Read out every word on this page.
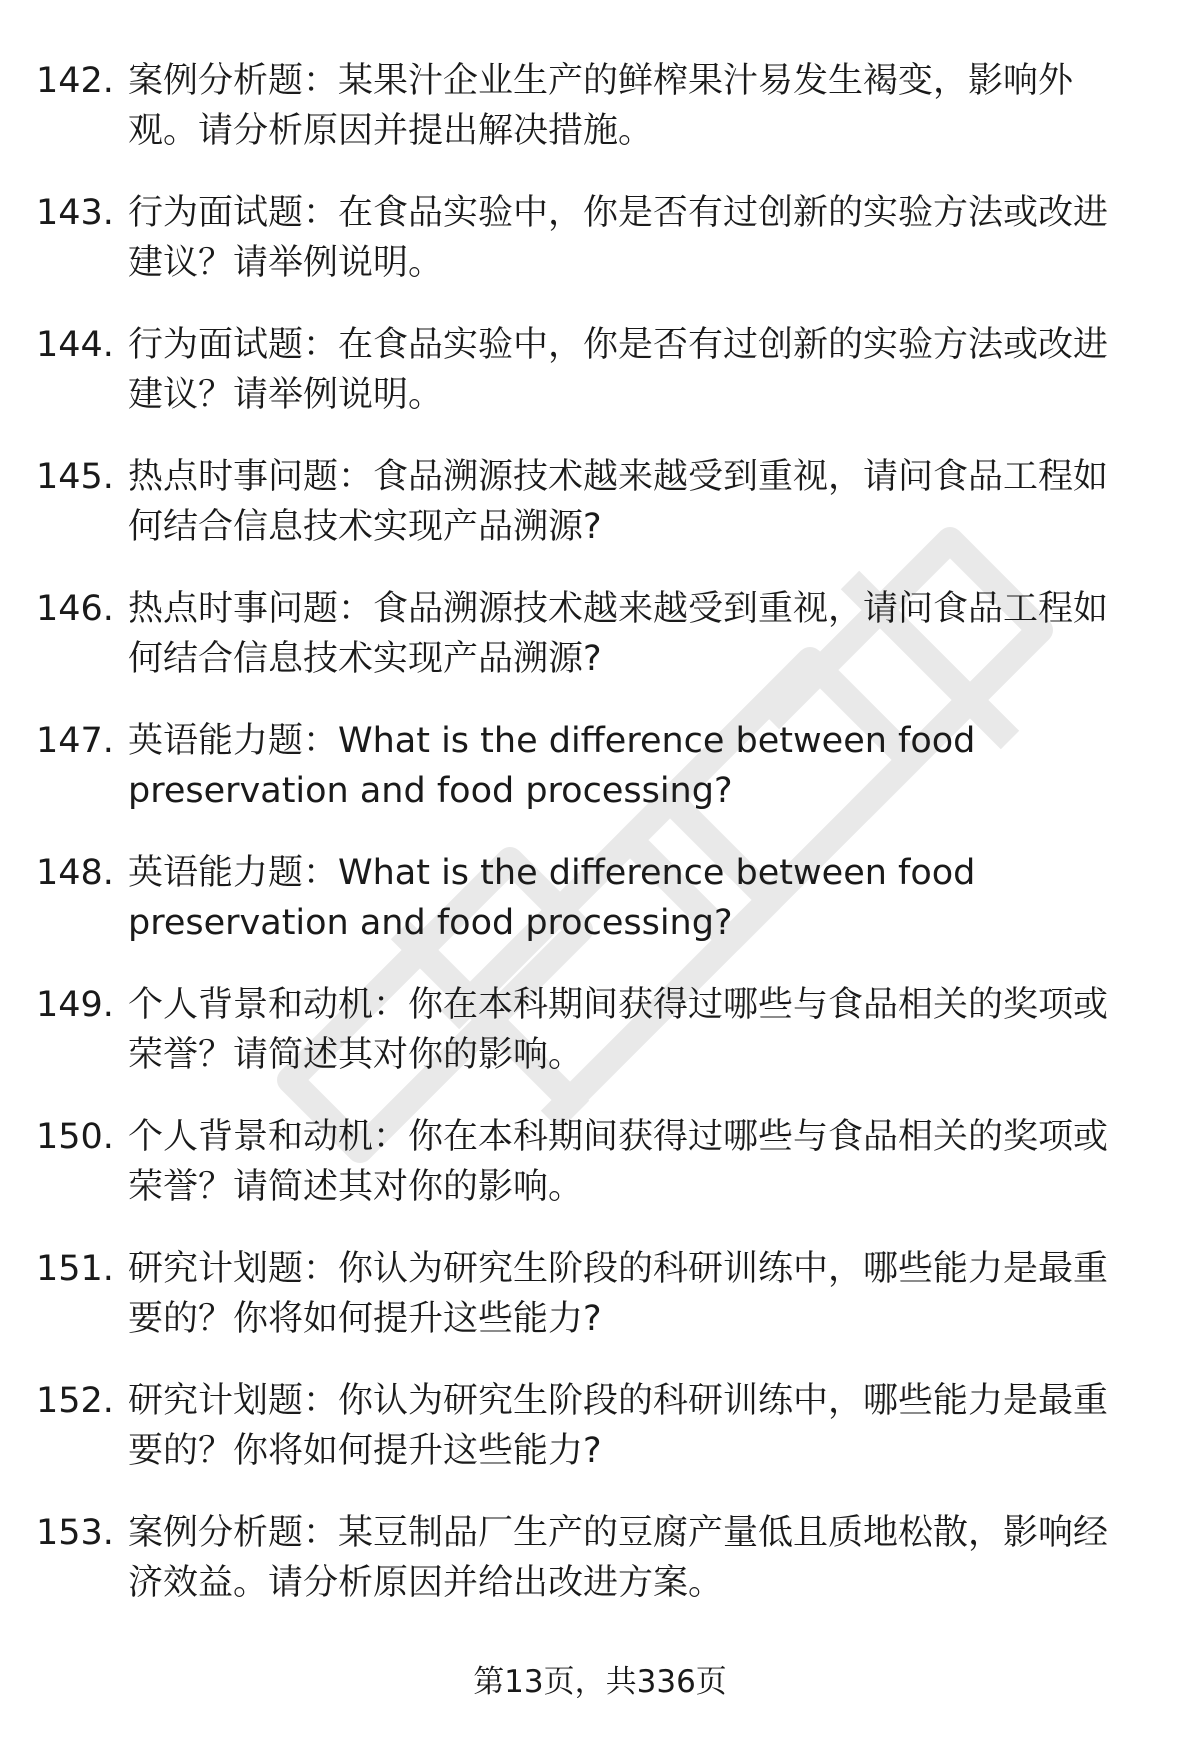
142. 案例分析题：某果汁企业生产的鲜榨果汁易发生褐变，影响外观。请分析原因并提出解决措施。
143. 行为面试题：在食品实验中，你是否有过创新的实验方法或改进建议？请举例说明。
144. 行为面试题：在食品实验中，你是否有过创新的实验方法或改进建议？请举例说明。
145. 热点时事问题：食品溯源技术越来越受到重视，请问食品工程如何结合信息技术实现产品溯源?
146. 热点时事问题：食品溯源技术越来越受到重视，请问食品工程如何结合信息技术实现产品溯源?
147. 英语能力题：What is the difference between food preservation and food processing?
148. 英语能力题：What is the difference between food preservation and food processing?
149. 个人背景和动机：你在本科期间获得过哪些与食品相关的奖项或荣誉？请简述其对你的影响。
150. 个人背景和动机：你在本科期间获得过哪些与食品相关的奖项或荣誉？请简述其对你的影响。
151. 研究计划题：你认为研究生阶段的科研训练中，哪些能力是最重要的？你将如何提升这些能力?
152. 研究计划题：你认为研究生阶段的科研训练中，哪些能力是最重要的？你将如何提升这些能力?
153. 案例分析题：某豆制品厂生产的豆腐产量低且质地松散，影响经济效益。请分析原因并给出改进方案。
第13页，共336页
